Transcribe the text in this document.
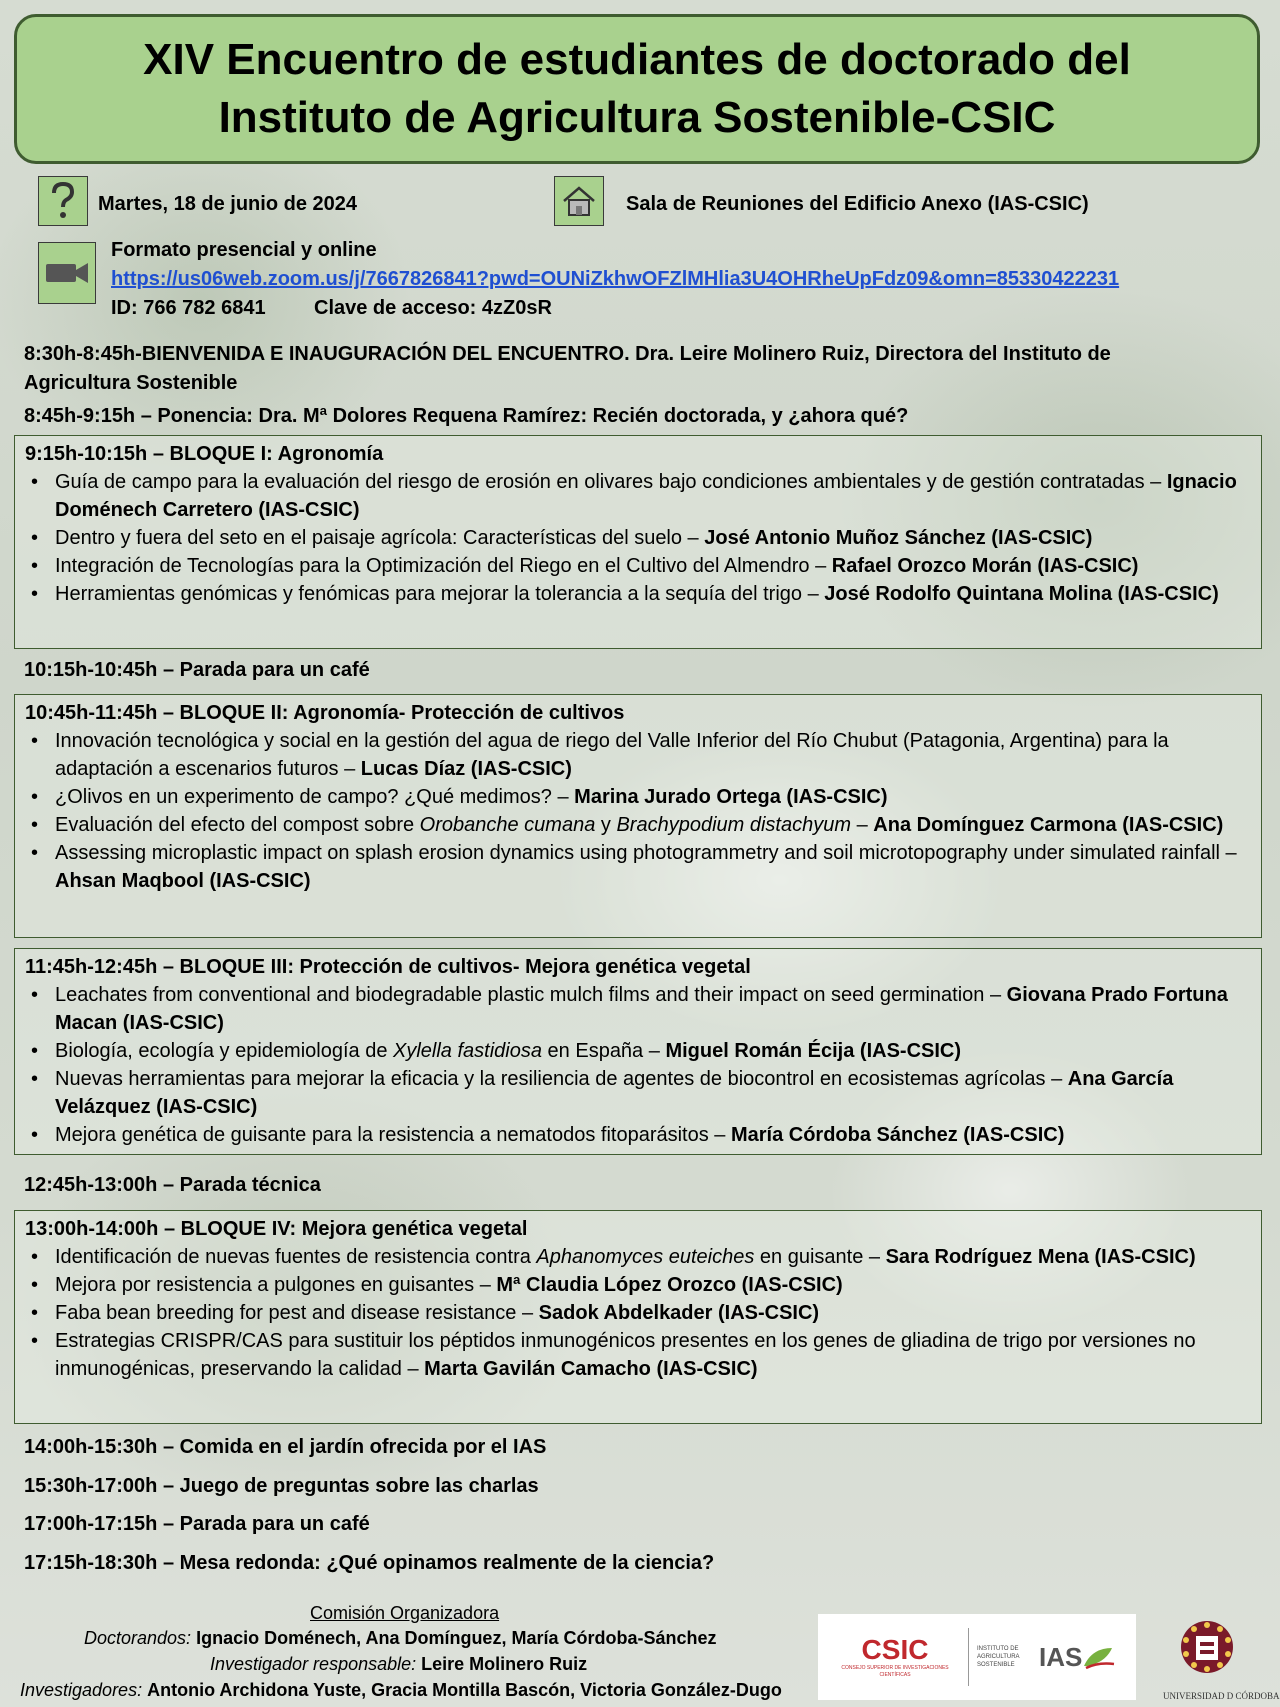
XIV Encuentro de estudiantes de doctorado del
Instituto de Agricultura Sostenible-CSIC
Martes, 18 de junio de 2024	Sala de Reuniones del Edificio Anexo (IAS-CSIC)
Formato presencial y online
https://us06web.zoom.us/j/7667826841?pwd=OUNiZkhwOFZlMHlia3U4OHRheUpFdz09&omn=85330422231
ID: 766 782 6841 Clave de acceso: 4zZ0sR
8:30h-8:45h-BIENVENIDA E INAUGURACIÓN DEL ENCUENTRO. Dra. Leire Molinero Ruiz, Directora del Instituto de
Agricultura Sostenible
8:45h-9:15h – Ponencia: Dra. Mª Dolores Requena Ramírez: Recién doctorada, y ¿ahora qué?
9:15h-10:15h – BLOQUE I: Agronomía
• Guía de campo para la evaluación del riesgo de erosión en olivares bajo condiciones ambientales y de gestión contratadas – Ignacio Doménech Carretero (IAS-CSIC)
• Dentro y fuera del seto en el paisaje agrícola: Características del suelo – José Antonio Muñoz Sánchez (IAS-CSIC)
• Integración de Tecnologías para la Optimización del Riego en el Cultivo del Almendro – Rafael Orozco Morán (IAS-CSIC)
• Herramientas genómicas y fenómicas para mejorar la tolerancia a la sequía del trigo – José Rodolfo Quintana Molina (IAS-CSIC)
10:15h-10:45h – Parada para un café
10:45h-11:45h – BLOQUE II: Agronomía- Protección de cultivos
• Innovación tecnológica y social en la gestión del agua de riego del Valle Inferior del Río Chubut (Patagonia, Argentina) para la adaptación a escenarios futuros – Lucas Díaz (IAS-CSIC)
• ¿Olivos en un experimento de campo? ¿Qué medimos? – Marina Jurado Ortega (IAS-CSIC)
• Evaluación del efecto del compost sobre Orobanche cumana y Brachypodium distachyum – Ana Domínguez Carmona (IAS-CSIC)
• Assessing microplastic impact on splash erosion dynamics using photogrammetry and soil microtopography under simulated rainfall – Ahsan Maqbool (IAS-CSIC)
11:45h-12:45h – BLOQUE III: Protección de cultivos- Mejora genética vegetal
• Leachates from conventional and biodegradable plastic mulch films and their impact on seed germination – Giovana Prado Fortuna Macan (IAS-CSIC)
• Biología, ecología y epidemiología de Xylella fastidiosa en España – Miguel Román Écija (IAS-CSIC)
• Nuevas herramientas para mejorar la eficacia y la resiliencia de agentes de biocontrol en ecosistemas agrícolas – Ana García Velázquez (IAS-CSIC)
• Mejora genética de guisante para la resistencia a nematodos fitoparásitos – María Córdoba Sánchez (IAS-CSIC)
12:45h-13:00h – Parada técnica
13:00h-14:00h – BLOQUE IV: Mejora genética vegetal
• Identificación de nuevas fuentes de resistencia contra Aphanomyces euteiches en guisante – Sara Rodríguez Mena (IAS-CSIC)
• Mejora por resistencia a pulgones en guisantes – Mª Claudia López Orozco (IAS-CSIC)
• Faba bean breeding for pest and disease resistance – Sadok Abdelkader (IAS-CSIC)
• Estrategias CRISPR/CAS para sustituir los péptidos inmunogénicos presentes en los genes de gliadina de trigo por versiones no inmunogénicas, preservando la calidad – Marta Gavilán Camacho (IAS-CSIC)
14:00h-15:30h – Comida en el jardín ofrecida por el IAS
15:30h-17:00h – Juego de preguntas sobre las charlas
17:00h-17:15h – Parada para un café
17:15h-18:30h – Mesa redonda: ¿Qué opinamos realmente de la ciencia?
Comisión Organizadora
Doctorandos: Ignacio Doménech, Ana Domínguez, María Córdoba-Sánchez
Investigador responsable: Leire Molinero Ruiz
Investigadores: Antonio Archidona Yuste, Gracia Montilla Bascón, Victoria González-Dugo
CSIC
CONSEJO SUPERIOR DE INVESTIGACIONES CIENTÍFICAS
INSTITUTO DE AGRICULTURA SOSTENIBLE IAS
UNIVERSIDAD D CÓRDOBA
